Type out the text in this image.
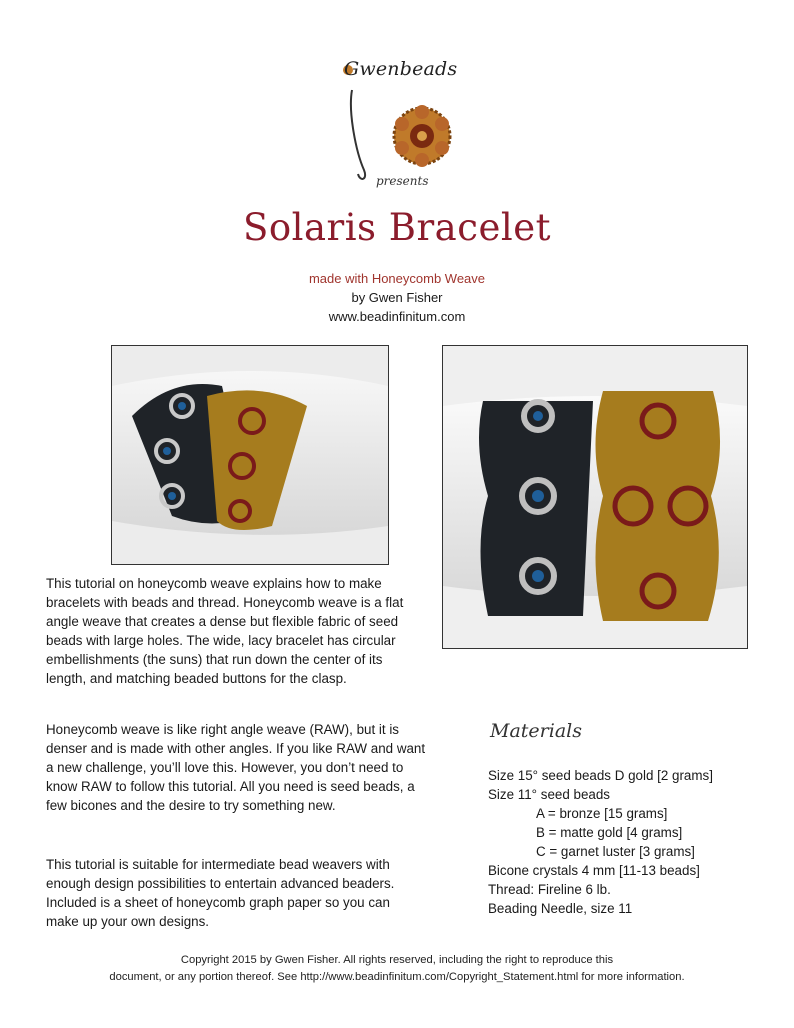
Gwenbeads
presents
Solaris Bracelet
made with Honeycomb Weave
by Gwen Fisher
www.beadinfinitum.com

This tutorial on honeycomb weave explains how to make bracelets with beads and thread. Honeycomb weave is a flat angle weave that creates a dense but flexible fabric of seed beads with large holes. The wide, lacy bracelet has circular embellishments (the suns) that run down the center of its length, and matching beaded buttons for the clasp.

Honeycomb weave is like right angle weave (RAW), but it is denser and is made with other angles. If you like RAW and want a new challenge, you’ll love this. However, you don’t need to know RAW to follow this tutorial. All you need is seed beads, a few bicones and the desire to try something new.

This tutorial is suitable for intermediate bead weavers with enough design possibilities to entertain advanced beaders. Included is a sheet of honeycomb graph paper so you can make up your own designs.

Materials
Size 15° seed beads D gold [2 grams]
Size 11° seed beads
A = bronze [15 grams]
B = matte gold [4 grams]
C = garnet luster [3 grams]
Bicone crystals 4 mm [11-13 beads]
Thread: Fireline 6 lb.
Beading Needle, size 11
Copyright 2015 by Gwen Fisher. All rights reserved, including the right to reproduce this
document, or any portion thereof. See http://www.beadinfinitum.com/Copyright_Statement.html for more information.
